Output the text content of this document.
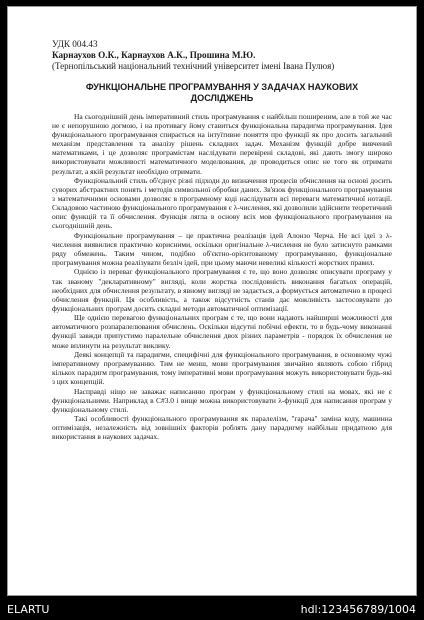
УДК 004.43

Карнаухов О.К., Карнаухов А.К., Прошина М.Ю.

(Тернопільський національний технічний університет імені Івана Пулюя)

ФУНКЦІОНАЛЬНЕ ПРОГРАМУВАННЯ У ЗАДАЧАХ НАУКОВИХ ДОСЛІДЖЕНЬ

На сьогоднішній день імперативний стиль програмування є найбільш поширеним, але в той же час не є непорушною догмою, і на противагу йому ставиться функціональна парадигма програмування. Ідея функціонального програмування спирається на інтуїтивне поняття про функції як про досить загальний механізм представлення та аналізу рішень складних задач. Механізм функцій добре вивчений математиками, і це дозволяє програмістам наслідувати перевірені складові, які дають змогу широко використовувати можливості математичного моделювання, де проводиться опис не того як отримати результат, а якій результат необхідно отримати.

Функціональний стиль об'єднує різні підходи до визначення процесів обчислення на основі досить суворих абстрактних понять і методів символьної обробки даних. Зв'язок функціонального програмування з математичними основами дозволяє в програмному коді наслідувати всі переваги математичної нотації. Складовою частиною функціонального програмування є λ-числення, які дозволили здійснити теоретичний опис функцій та її обчислення. Функція лягла в основу всіх мов функціонального програмування на сьогоднішній день.

Функціональне програмування – це практична реалізація ідей Алонзо Черча. Не всі ідеї з λ-числення виявилися практично корисними, оскільки оригінальне λ-числення не було затиснуто рамками ряду обмежень. Таким чином, подібно об'єктно-орієнтованому програмуванню, функціональне програмування можна реалізувати безліч ідей, при цьому маючи невеликі кількості жорстких правил.

Однією із переваг функціонального програмування є те, що воно дозволяє описувати програму у так званому "декларативному" вигляді, коли жорстка послідовність виконання багатьох операцій, необхідних для обчислення результату, в явному вигляді не задається, а формується автоматично в процесі обчислення функцій. Ця особливість, а також відсутність станів дає можливість застосовувати до функціональних програм досить складні методи автоматичної оптимізації.

Ще однією перевагою функціональних програм є те, що вони надають найширші можливості для автоматичного розпаралелювання обчислень. Оскільки відсутні побічні ефекти, то в будь-чому виконанні функції завжди припустимо паралельне обчислення двох різних параметрів - порядок їх обчислення не може вплинути на результат виклику.

Деякі концепції та парадигми, специфічні для функціонального програмування, в основному чужі імперативному програмуванню. Тим не менш, мови програмування звичайно являють собою гібрид кількох парадигм програмування, тому імперативні мови програмування можуть використовувати будь-які з цих концепцій.

Насправді ніщо не заважає написанню програм у функціональному стилі на мовах, які не є функціональними. Наприклад в C#3.0 і вище можна використовувати λ-функції для написання програм у функціональному стилі.

Такі особливості функціонального програмування як паралелізм, "гарача" заміна коду, машинна оптимізація, незалежність від зовнішніх факторів роблять дану парадигму найбільш придатною для використання в наукових задачах.

ELARTU	hdl:123456789/1004
